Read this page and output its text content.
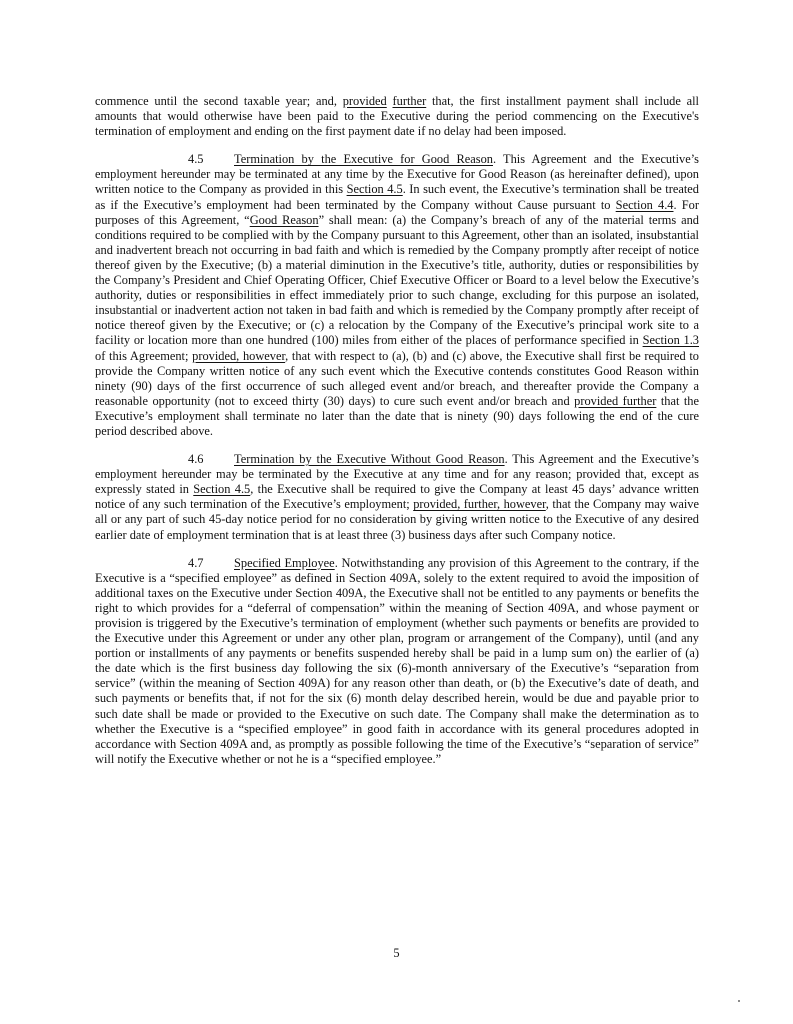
commence until the second taxable year; and, provided further that, the first installment payment shall include all amounts that would otherwise have been paid to the Executive during the period commencing on the Executive's termination of employment and ending on the first payment date if no delay had been imposed.

4.5 Termination by the Executive for Good Reason. This Agreement and the Executive’s employment hereunder may be terminated at any time by the Executive for Good Reason (as hereinafter defined), upon written notice to the Company as provided in this Section 4.5. In such event, the Executive’s termination shall be treated as if the Executive’s employment had been terminated by the Company without Cause pursuant to Section 4.4. For purposes of this Agreement, “Good Reason” shall mean: (a) the Company’s breach of any of the material terms and conditions required to be complied with by the Company pursuant to this Agreement, other than an isolated, insubstantial and inadvertent breach not occurring in bad faith and which is remedied by the Company promptly after receipt of notice thereof given by the Executive; (b) a material diminution in the Executive’s title, authority, duties or responsibilities by the Company’s President and Chief Operating Officer, Chief Executive Officer or Board to a level below the Executive’s authority, duties or responsibilities in effect immediately prior to such change, excluding for this purpose an isolated, insubstantial or inadvertent action not taken in bad faith and which is remedied by the Company promptly after receipt of notice thereof given by the Executive; or (c) a relocation by the Company of the Executive’s principal work site to a facility or location more than one hundred (100) miles from either of the places of performance specified in Section 1.3 of this Agreement; provided, however, that with respect to (a), (b) and (c) above, the Executive shall first be required to provide the Company written notice of any such event which the Executive contends constitutes Good Reason within ninety (90) days of the first occurrence of such alleged event and/or breach, and thereafter provide the Company a reasonable opportunity (not to exceed thirty (30) days) to cure such event and/or breach and provided further that the Executive’s employment shall terminate no later than the date that is ninety (90) days following the end of the cure period described above.

4.6 Termination by the Executive Without Good Reason. This Agreement and the Executive’s employment hereunder may be terminated by the Executive at any time and for any reason; provided that, except as expressly stated in Section 4.5, the Executive shall be required to give the Company at least 45 days’ advance written notice of any such termination of the Executive’s employment; provided, further, however, that the Company may waive all or any part of such 45-day notice period for no consideration by giving written notice to the Executive of any desired earlier date of employment termination that is at least three (3) business days after such Company notice.

4.7 Specified Employee. Notwithstanding any provision of this Agreement to the contrary, if the Executive is a “specified employee” as defined in Section 409A, solely to the extent required to avoid the imposition of additional taxes on the Executive under Section 409A, the Executive shall not be entitled to any payments or benefits the right to which provides for a “deferral of compensation” within the meaning of Section 409A, and whose payment or provision is triggered by the Executive’s termination of employment (whether such payments or benefits are provided to the Executive under this Agreement or under any other plan, program or arrangement of the Company), until (and any portion or installments of any payments or benefits suspended hereby shall be paid in a lump sum on) the earlier of (a) the date which is the first business day following the six (6)-month anniversary of the Executive’s “separation from service” (within the meaning of Section 409A) for any reason other than death, or (b) the Executive’s date of death, and such payments or benefits that, if not for the six (6) month delay described herein, would be due and payable prior to such date shall be made or provided to the Executive on such date. The Company shall make the determination as to whether the Executive is a “specified employee” in good faith in accordance with its general procedures adopted in accordance with Section 409A and, as promptly as possible following the time of the Executive’s “separation of service” will notify the Executive whether or not he is a “specified employee.”

5
